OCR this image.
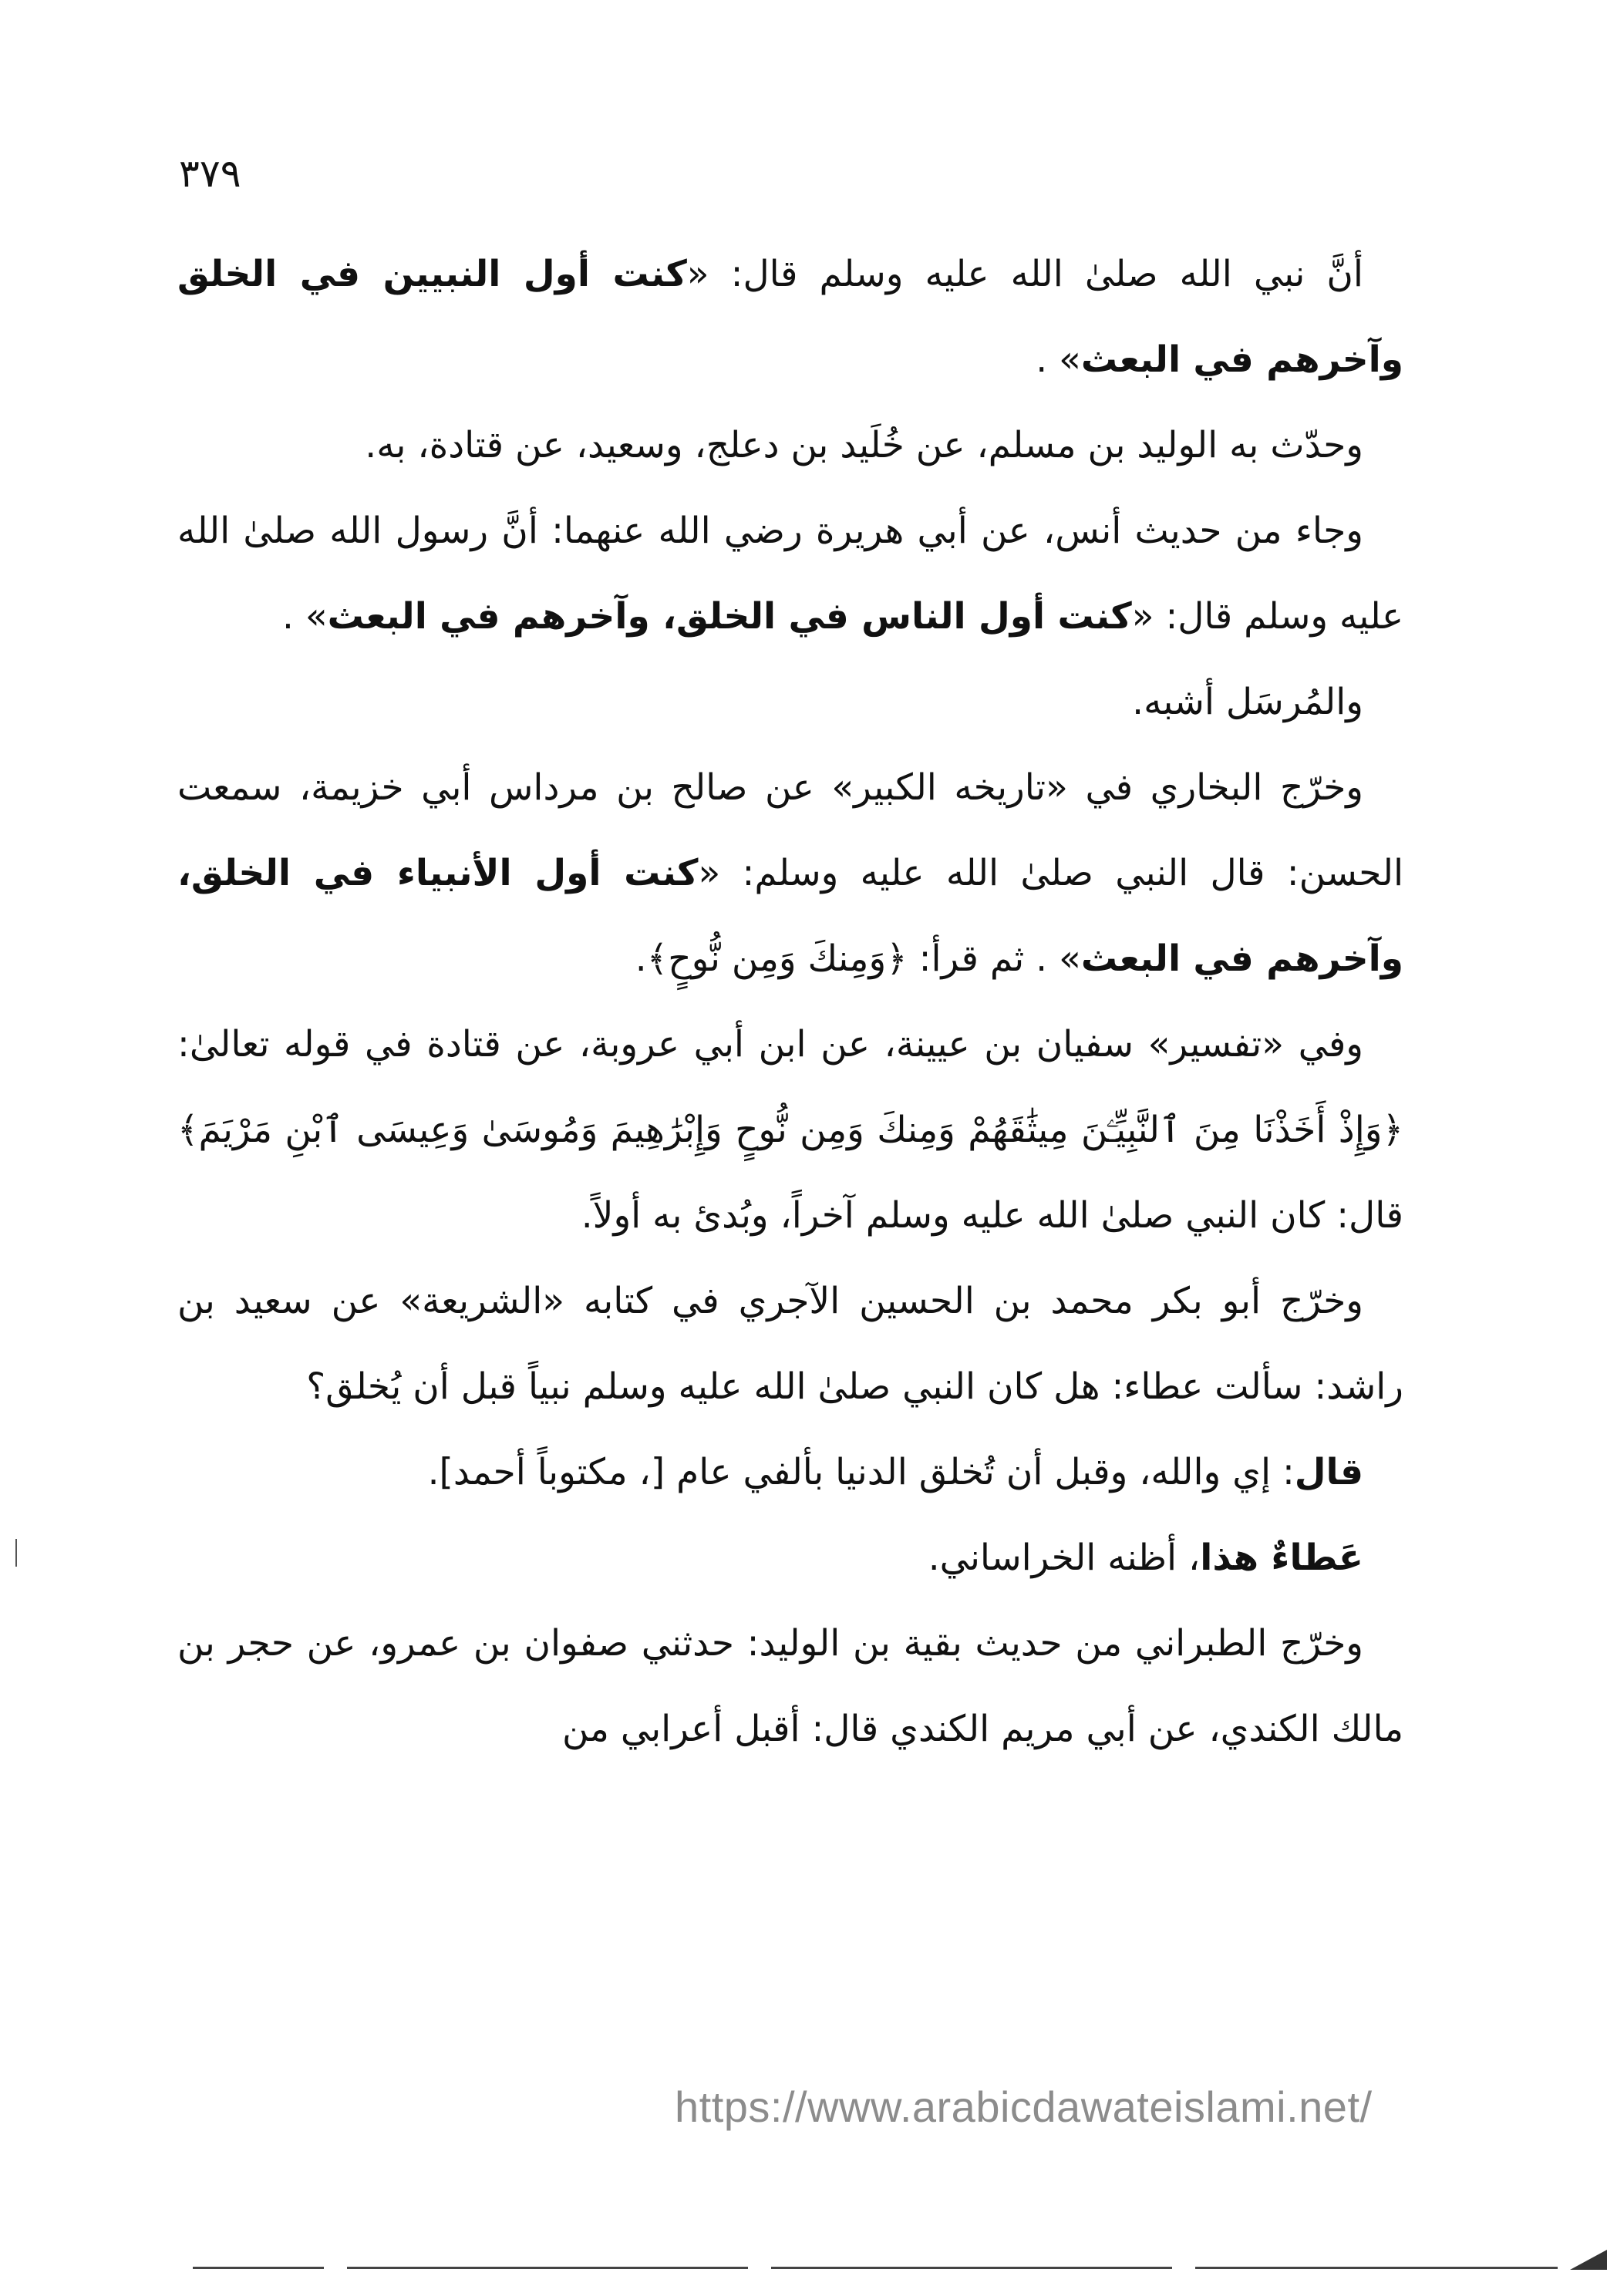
٣٧٩

أنَّ نبي الله صلىٰ الله عليه وسلم قال: «كنت أول النبيين في الخلق وآخرهم في البعث» .

وحدّث به الوليد بن مسلم، عن خُلَيد بن دعلج، وسعيد، عن قتادة، به.

وجاء من حديث أنس، عن أبي هريرة رضي الله عنهما: أنَّ رسول الله صلىٰ الله عليه وسلم قال: «كنت أول الناس في الخلق، وآخرهم في البعث» .

والمُرسَل أشبه.

وخرّج البخاري في «تاريخه الكبير» عن صالح بن مرداس أبي خزيمة، سمعت الحسن: قال النبي صلىٰ الله عليه وسلم: «كنت أول الأنبياء في الخلق، وآخرهم في البعث» . ثم قرأ: ﴿وَمِنكَ وَمِن نُّوحٍ﴾.

وفي «تفسير» سفيان بن عيينة، عن ابن أبي عروبة، عن قتادة في قوله تعالىٰ: ﴿وَإِذْ أَخَذْنَا مِنَ ٱلنَّبِيِّـۧنَ مِيثَٰقَهُمْ وَمِنكَ وَمِن نُّوحٍ وَإِبْرَٰهِيمَ وَمُوسَىٰ وَعِيسَى ٱبْنِ مَرْيَمَ﴾ قال: كان النبي صلىٰ الله عليه وسلم آخراً، وبُدئ به أولاً.

وخرّج أبو بكر محمد بن الحسين الآجري في كتابه «الشريعة» عن سعيد بن راشد: سألت عطاء: هل كان النبي صلىٰ الله عليه وسلم نبياً قبل أن يُخلق؟

قال: إي والله، وقبل أن تُخلق الدنيا بألفي عام [، مكتوباً أحمد].

عَطاءٌ هذا، أظنه الخراساني.

وخرّج الطبراني من حديث بقية بن الوليد: حدثني صفوان بن عمرو، عن حجر بن مالك الكندي، عن أبي مريم الكندي قال: أقبل أعرابي من

https://www.arabicdawateislami.net/
